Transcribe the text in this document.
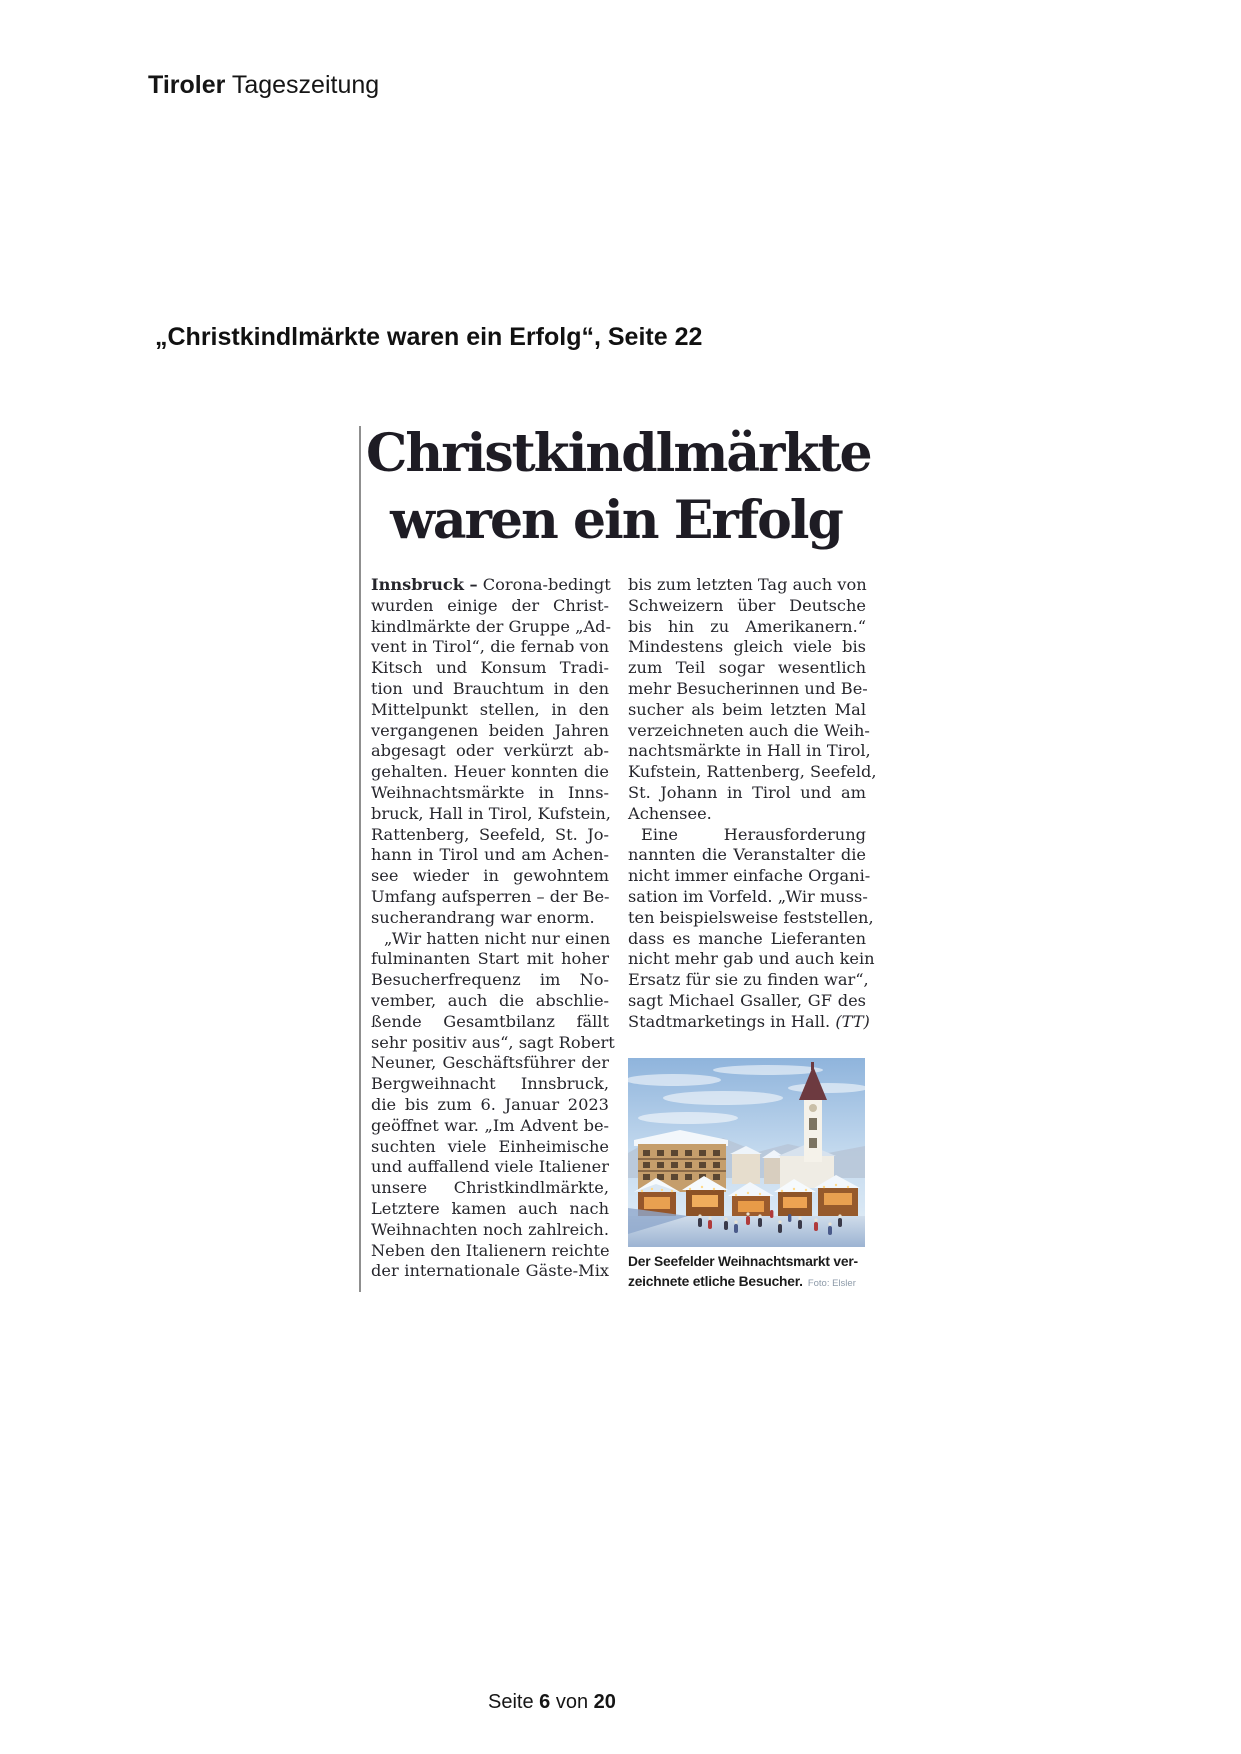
Tiroler Tageszeitung
„Christkindlmärkte waren ein Erfolg“, Seite 22
Christkindlmärkte
waren ein Erfolg
Innsbruck – Corona-bedingt
wurden einige der Christ-
kindlmärkte der Gruppe „Ad-
vent in Tirol“, die fernab von
Kitsch und Konsum Tradi-
tion und Brauchtum in den
Mittelpunkt stellen, in den
vergangenen beiden Jahren
abgesagt oder verkürzt ab-
gehalten. Heuer konnten die
Weihnachtsmärkte in Inns-
bruck, Hall in Tirol, Kufstein,
Rattenberg, Seefeld, St. Jo-
hann in Tirol und am Achen-
see wieder in gewohntem
Umfang aufsperren – der Be-
sucherandrang war enorm.
„Wir hatten nicht nur einen
fulminanten Start mit hoher
Besucherfrequenz im No-
vember, auch die abschlie-
ßende Gesamtbilanz fällt
sehr positiv aus“, sagt Robert
Neuner, Geschäftsführer der
Bergweihnacht Innsbruck,
die bis zum 6. Januar 2023
geöffnet war. „Im Advent be-
suchten viele Einheimische
und auffallend viele Italiener
unsere Christkindlmärkte,
Letztere kamen auch nach
Weihnachten noch zahlreich.
Neben den Italienern reichte
der internationale Gäste-Mix
bis zum letzten Tag auch von
Schweizern über Deutsche
bis hin zu Amerikanern.“
Mindestens gleich viele bis
zum Teil sogar wesentlich
mehr Besucherinnen und Be-
sucher als beim letzten Mal
verzeichneten auch die Weih-
nachtsmärkte in Hall in Tirol,
Kufstein, Rattenberg, Seefeld,
St. Johann in Tirol und am
Achensee.
Eine Herausforderung
nannten die Veranstalter die
nicht immer einfache Organi-
sation im Vorfeld. „Wir muss-
ten beispielsweise feststellen,
dass es manche Lieferanten
nicht mehr gab und auch kein
Ersatz für sie zu finden war“,
sagt Michael Gsaller, GF des
Stadtmarketings in Hall. (TT)
Der Seefelder Weihnachtsmarkt ver-
zeichnete etliche Besucher. Foto: Elsler
Seite 6 von 20
